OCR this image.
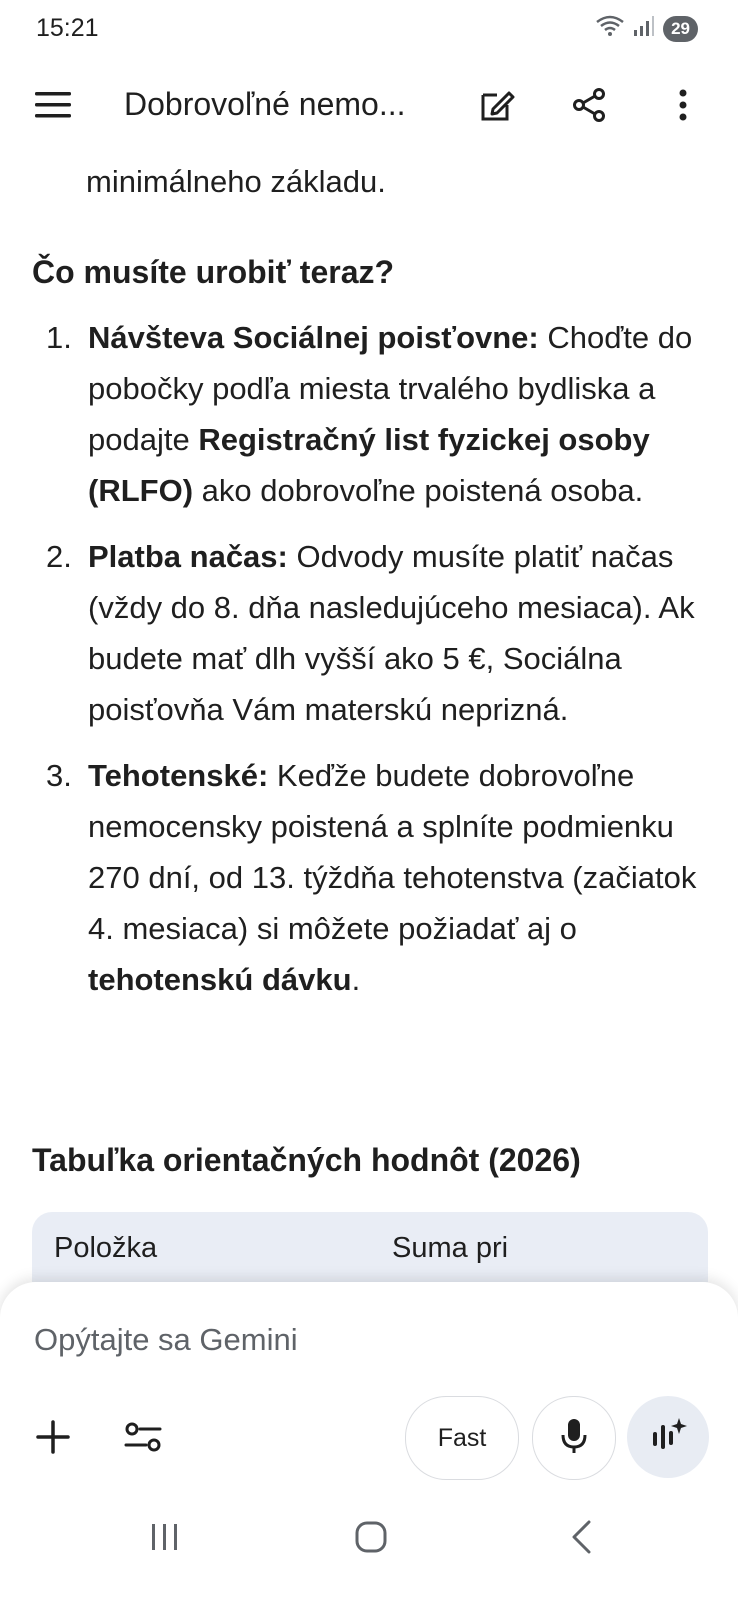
15:21	29
Dobrovoľné nemo...
minimálneho základu.
Čo musíte urobiť teraz?
1. Návšteva Sociálnej poisťovne: Choďte do pobočky podľa miesta trvalého bydliska a podajte Registračný list fyzickej osoby (RLFO) ako dobrovoľne poistená osoba.
2. Platba načas: Odvody musíte platiť načas (vždy do 8. dňa nasledujúceho mesiaca). Ak budete mať dlh vyšší ako 5 €, Sociálna poisťovňa Vám materskú neprizná.
3. Tehotenské: Keďže budete dobrovoľne nemocensky poistená a splníte podmienku 270 dní, od 13. týždňa tehotenstva (začiatok 4. mesiaca) si môžete požiadať aj o tehotenskú dávku.
Tabuľka orientačných hodnôt (2026)
Položka	Suma pri
Opýtajte sa Gemini
Fast
